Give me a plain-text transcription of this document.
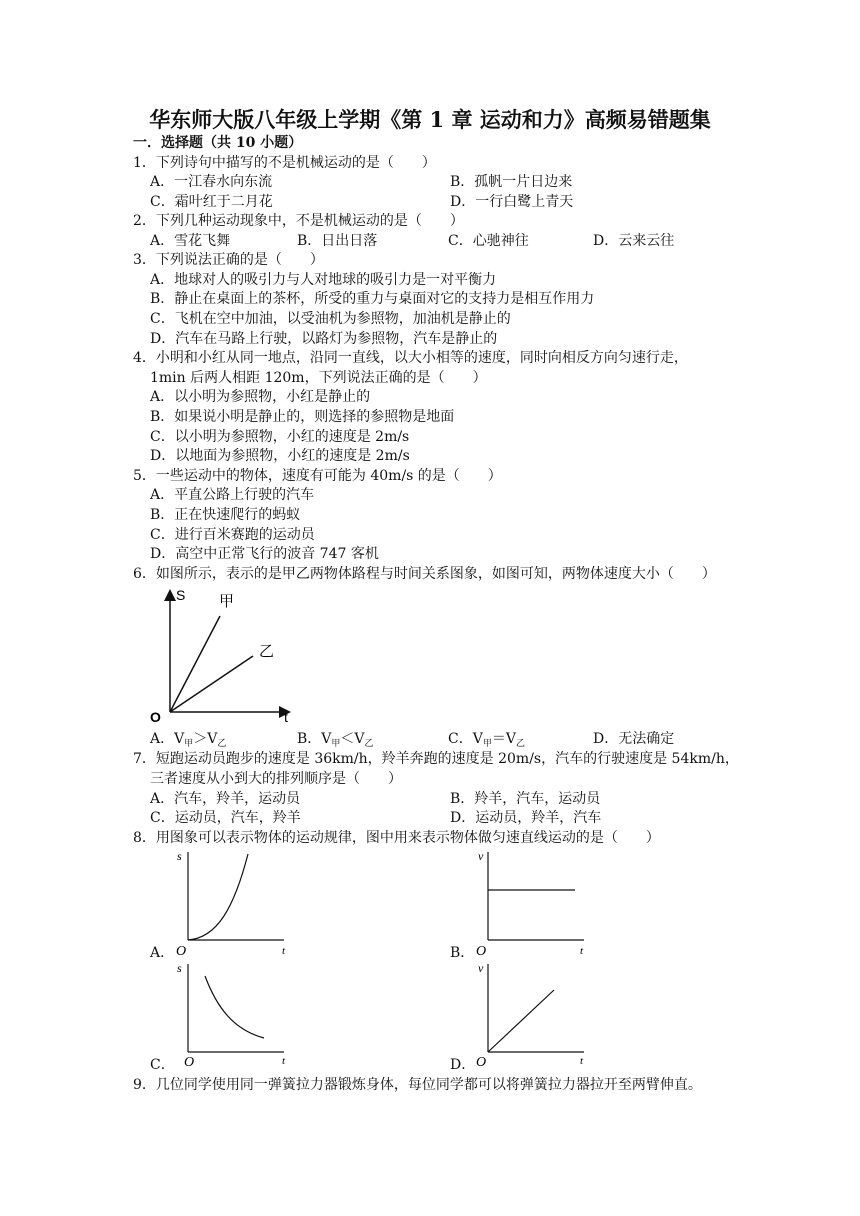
华东师大版八年级上学期《第 1 章 运动和力》高频易错题集
一．选择题（共 10 小题）
1．下列诗句中描写的不是机械运动的是（　　）
A．一江春水向东流	B．孤帆一片日边来
C．霜叶红于二月花	D．一行白鹭上青天
2．下列几种运动现象中，不是机械运动的是（　　）
A．雪花飞舞	B．日出日落	C．心驰神往	D．云来云往
3．下列说法正确的是（　　）
A．地球对人的吸引力与人对地球的吸引力是一对平衡力
B．静止在桌面上的茶杯，所受的重力与桌面对它的支持力是相互作用力
C．飞机在空中加油，以受油机为参照物，加油机是静止的
D．汽车在马路上行驶，以路灯为参照物，汽车是静止的
4．小明和小红从同一地点，沿同一直线，以大小相等的速度，同时向相反方向匀速行走，
1min 后两人相距 120m，下列说法正确的是（　　）
A．以小明为参照物，小红是静止的
B．如果说小明是静止的，则选择的参照物是地面
C．以小明为参照物，小红的速度是 2m/s
D．以地面为参照物，小红的速度是 2m/s
5．一些运动中的物体，速度有可能为 40m/s 的是（　　）
A．平直公路上行驶的汽车
B．正在快速爬行的蚂蚁
C．进行百米赛跑的运动员
D．高空中正常飞行的波音 747 客机
6．如图所示，表示的是甲乙两物体路程与时间关系图象，如图可知，两物体速度大小（　　）
S 甲
乙
O	t
A．$V_甲>V_乙$	B．$V_甲<V_乙$	C．$V_甲=V_乙$	D．无法确定
7．短跑运动员跑步的速度是 36km/h，羚羊奔跑的速度是 20m/s，汽车的行驶速度是 54km/h，
三者速度从小到大的排列顺序是（　　）
A．汽车，羚羊，运动员	B．羚羊，汽车，运动员
C．运动员，汽车，羚羊	D．运动员，羚羊，汽车
8．用图象可以表示物体的运动规律，图中用来表示物体做匀速直线运动的是（　　）
s
O	t
A．
v
O	t
B．
s
O	t
C．
v
O	t
D．
9．几位同学使用同一弹簧拉力器锻炼身体，每位同学都可以将弹簧拉力器拉开至两臂伸直。
